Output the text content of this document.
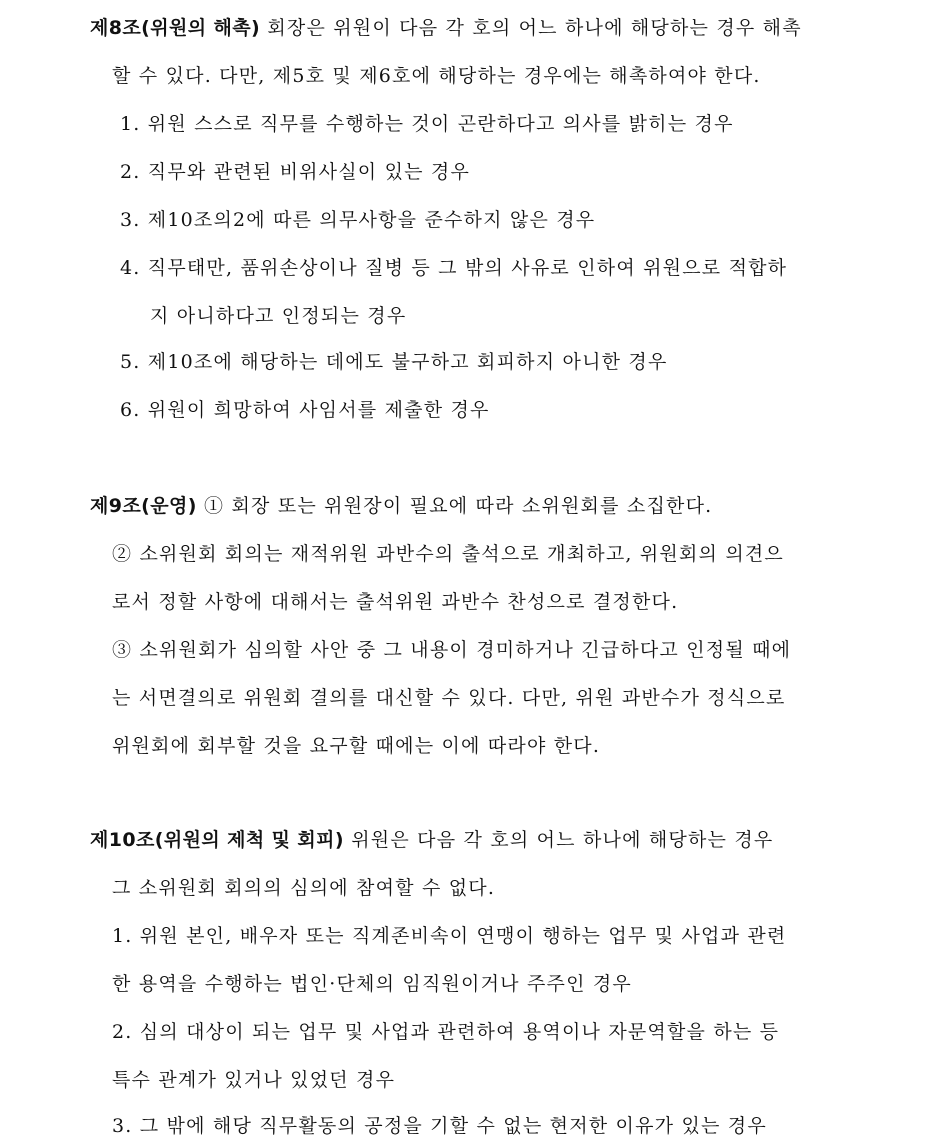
제8조(위원의 해촉) 회장은 위원이 다음 각 호의 어느 하나에 해당하는 경우 해촉
할 수 있다. 다만, 제5호 및 제6호에 해당하는 경우에는 해촉하여야 한다.
1. 위원 스스로 직무를 수행하는 것이 곤란하다고 의사를 밝히는 경우
2. 직무와 관련된 비위사실이 있는 경우
3. 제10조의2에 따른 의무사항을 준수하지 않은 경우
4. 직무태만, 품위손상이나 질병 등 그 밖의 사유로 인하여 위원으로 적합하
지 아니하다고 인정되는 경우
5. 제10조에 해당하는 데에도 불구하고 회피하지 아니한 경우
6. 위원이 희망하여 사임서를 제출한 경우
제9조(운영) ① 회장 또는 위원장이 필요에 따라 소위원회를 소집한다.
② 소위원회 회의는 재적위원 과반수의 출석으로 개최하고, 위원회의 의견으
로서 정할 사항에 대해서는 출석위원 과반수 찬성으로 결정한다.
③ 소위원회가 심의할 사안 중 그 내용이 경미하거나 긴급하다고 인정될 때에
는 서면결의로 위원회 결의를 대신할 수 있다. 다만, 위원 과반수가 정식으로
위원회에 회부할 것을 요구할 때에는 이에 따라야 한다.
제10조(위원의 제척 및 회피) 위원은 다음 각 호의 어느 하나에 해당하는 경우
그 소위원회 회의의 심의에 참여할 수 없다.
1. 위원 본인, 배우자 또는 직계존비속이 연맹이 행하는 업무 및 사업과 관련
한 용역을 수행하는 법인·단체의 임직원이거나 주주인 경우
2. 심의 대상이 되는 업무 및 사업과 관련하여 용역이나 자문역할을 하는 등
특수 관계가 있거나 있었던 경우
3. 그 밖에 해당 직무활동의 공정을 기할 수 없는 현저한 이유가 있는 경우
